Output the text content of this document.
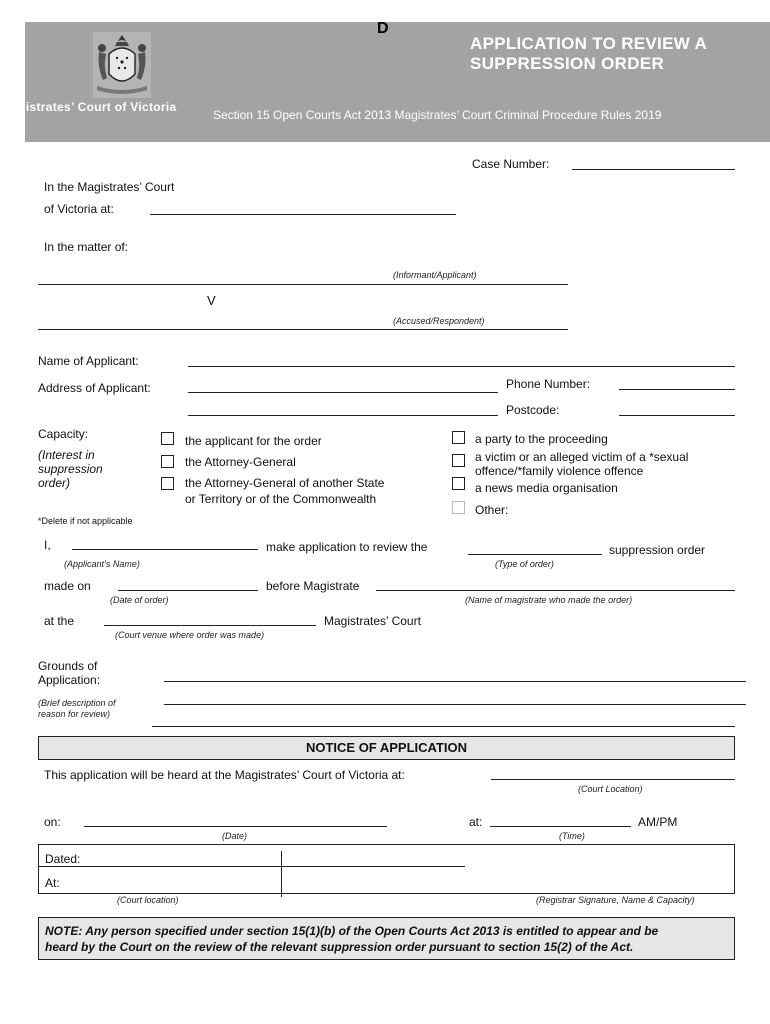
D
APPLICATION TO REVIEW A
SUPPRESSION ORDER
Magistrates’ Court of Victoria
Section 15 Open Courts Act 2013 Magistrates’ Court Criminal Procedure Rules 2019
Case Number:
In the Magistrates’ Court
of Victoria at:
In the matter of:
(Informant/Applicant)
V
(Accused/Respondent)
Name of Applicant:
Address of Applicant:	Phone Number:
Postcode:
Capacity:
(Interest in
suppression
order)
*Delete if not applicable
the applicant for the order
the Attorney-General
the Attorney-General of another State
or Territory or of the Commonwealth
a party to the proceeding
a victim or an alleged victim of a *sexual
offence/*family violence offence
a news media organisation
Other:
I,
(Applicant’s Name)
make application to review the
(Type of order)
suppression order
made on
(Date of order)
before Magistrate
(Name of magistrate who made the order)
at the
(Court venue where order was made)
Magistrates’ Court
Grounds of
Application:
(Brief description of
reason for review)
NOTICE OF APPLICATION
This application will be heard at the Magistrates’ Court of Victoria at:
(Court Location)
on:
(Date)
at:	AM/PM
(Time)
Dated:
At:
(Court location)	(Registrar Signature, Name & Capacity)
NOTE: Any person specified under section 15(1)(b) of the Open Courts Act 2013 is entitled to appear and be
heard by the Court on the review of the relevant suppression order pursuant to section 15(2) of the Act.
